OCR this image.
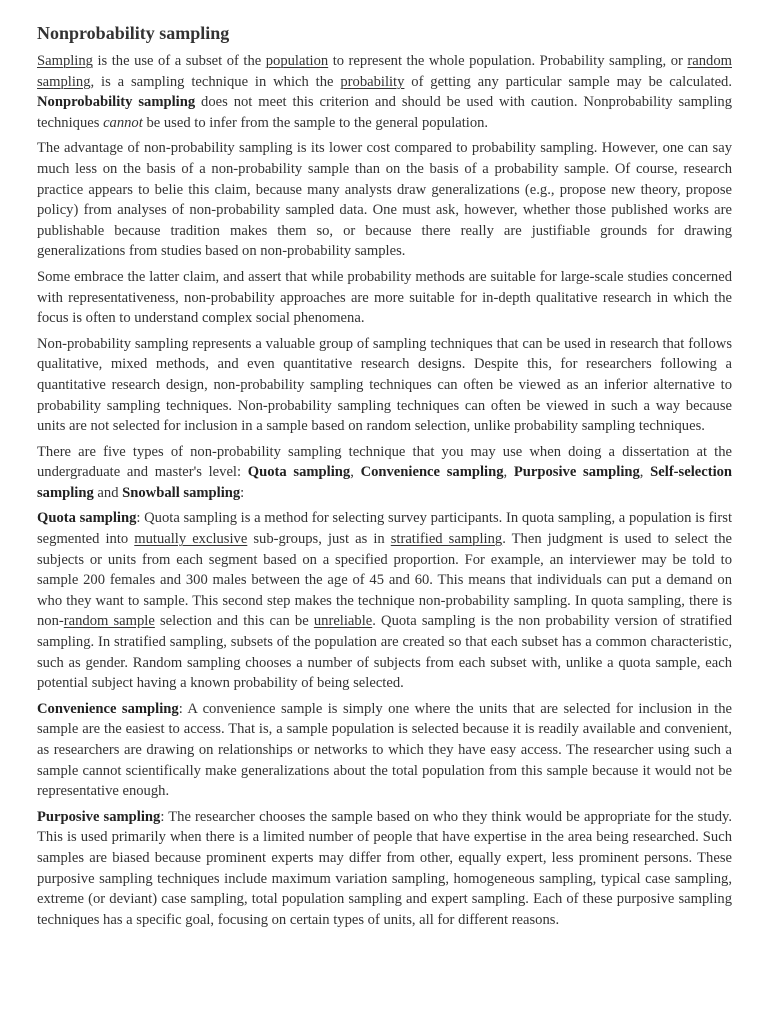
Nonprobability sampling

Sampling is the use of a subset of the population to represent the whole population. Probability sampling, or random sampling, is a sampling technique in which the probability of getting any particular sample may be calculated. Nonprobability sampling does not meet this criterion and should be used with caution. Nonprobability sampling techniques cannot be used to infer from the sample to the general population.

The advantage of non-probability sampling is its lower cost compared to probability sampling. However, one can say much less on the basis of a non-probability sample than on the basis of a probability sample. Of course, research practice appears to belie this claim, because many analysts draw generalizations (e.g., propose new theory, propose policy) from analyses of non-probability sampled data. One must ask, however, whether those published works are publishable because tradition makes them so, or because there really are justifiable grounds for drawing generalizations from studies based on non-probability samples.

Some embrace the latter claim, and assert that while probability methods are suitable for large-scale studies concerned with representativeness, non-probability approaches are more suitable for in-depth qualitative research in which the focus is often to understand complex social phenomena.

Non-probability sampling represents a valuable group of sampling techniques that can be used in research that follows qualitative, mixed methods, and even quantitative research designs. Despite this, for researchers following a quantitative research design, non-probability sampling techniques can often be viewed as an inferior alternative to probability sampling techniques. Non-probability sampling techniques can often be viewed in such a way because units are not selected for inclusion in a sample based on random selection, unlike probability sampling techniques.

There are five types of non-probability sampling technique that you may use when doing a dissertation at the undergraduate and master's level: Quota sampling, Convenience sampling, Purposive sampling, Self-selection sampling and Snowball sampling:

Quota sampling: Quota sampling is a method for selecting survey participants. In quota sampling, a population is first segmented into mutually exclusive sub-groups, just as in stratified sampling. Then judgment is used to select the subjects or units from each segment based on a specified proportion. For example, an interviewer may be told to sample 200 females and 300 males between the age of 45 and 60. This means that individuals can put a demand on who they want to sample. This second step makes the technique non-probability sampling. In quota sampling, there is non-random sample selection and this can be unreliable. Quota sampling is the non probability version of stratified sampling. In stratified sampling, subsets of the population are created so that each subset has a common characteristic, such as gender. Random sampling chooses a number of subjects from each subset with, unlike a quota sample, each potential subject having a known probability of being selected.

Convenience sampling: A convenience sample is simply one where the units that are selected for inclusion in the sample are the easiest to access. That is, a sample population is selected because it is readily available and convenient, as researchers are drawing on relationships or networks to which they have easy access. The researcher using such a sample cannot scientifically make generalizations about the total population from this sample because it would not be representative enough.

Purposive sampling: The researcher chooses the sample based on who they think would be appropriate for the study. This is used primarily when there is a limited number of people that have expertise in the area being researched. Such samples are biased because prominent experts may differ from other, equally expert, less prominent persons. These purposive sampling techniques include maximum variation sampling, homogeneous sampling, typical case sampling, extreme (or deviant) case sampling, total population sampling and expert sampling. Each of these purposive sampling techniques has a specific goal, focusing on certain types of units, all for different reasons.
